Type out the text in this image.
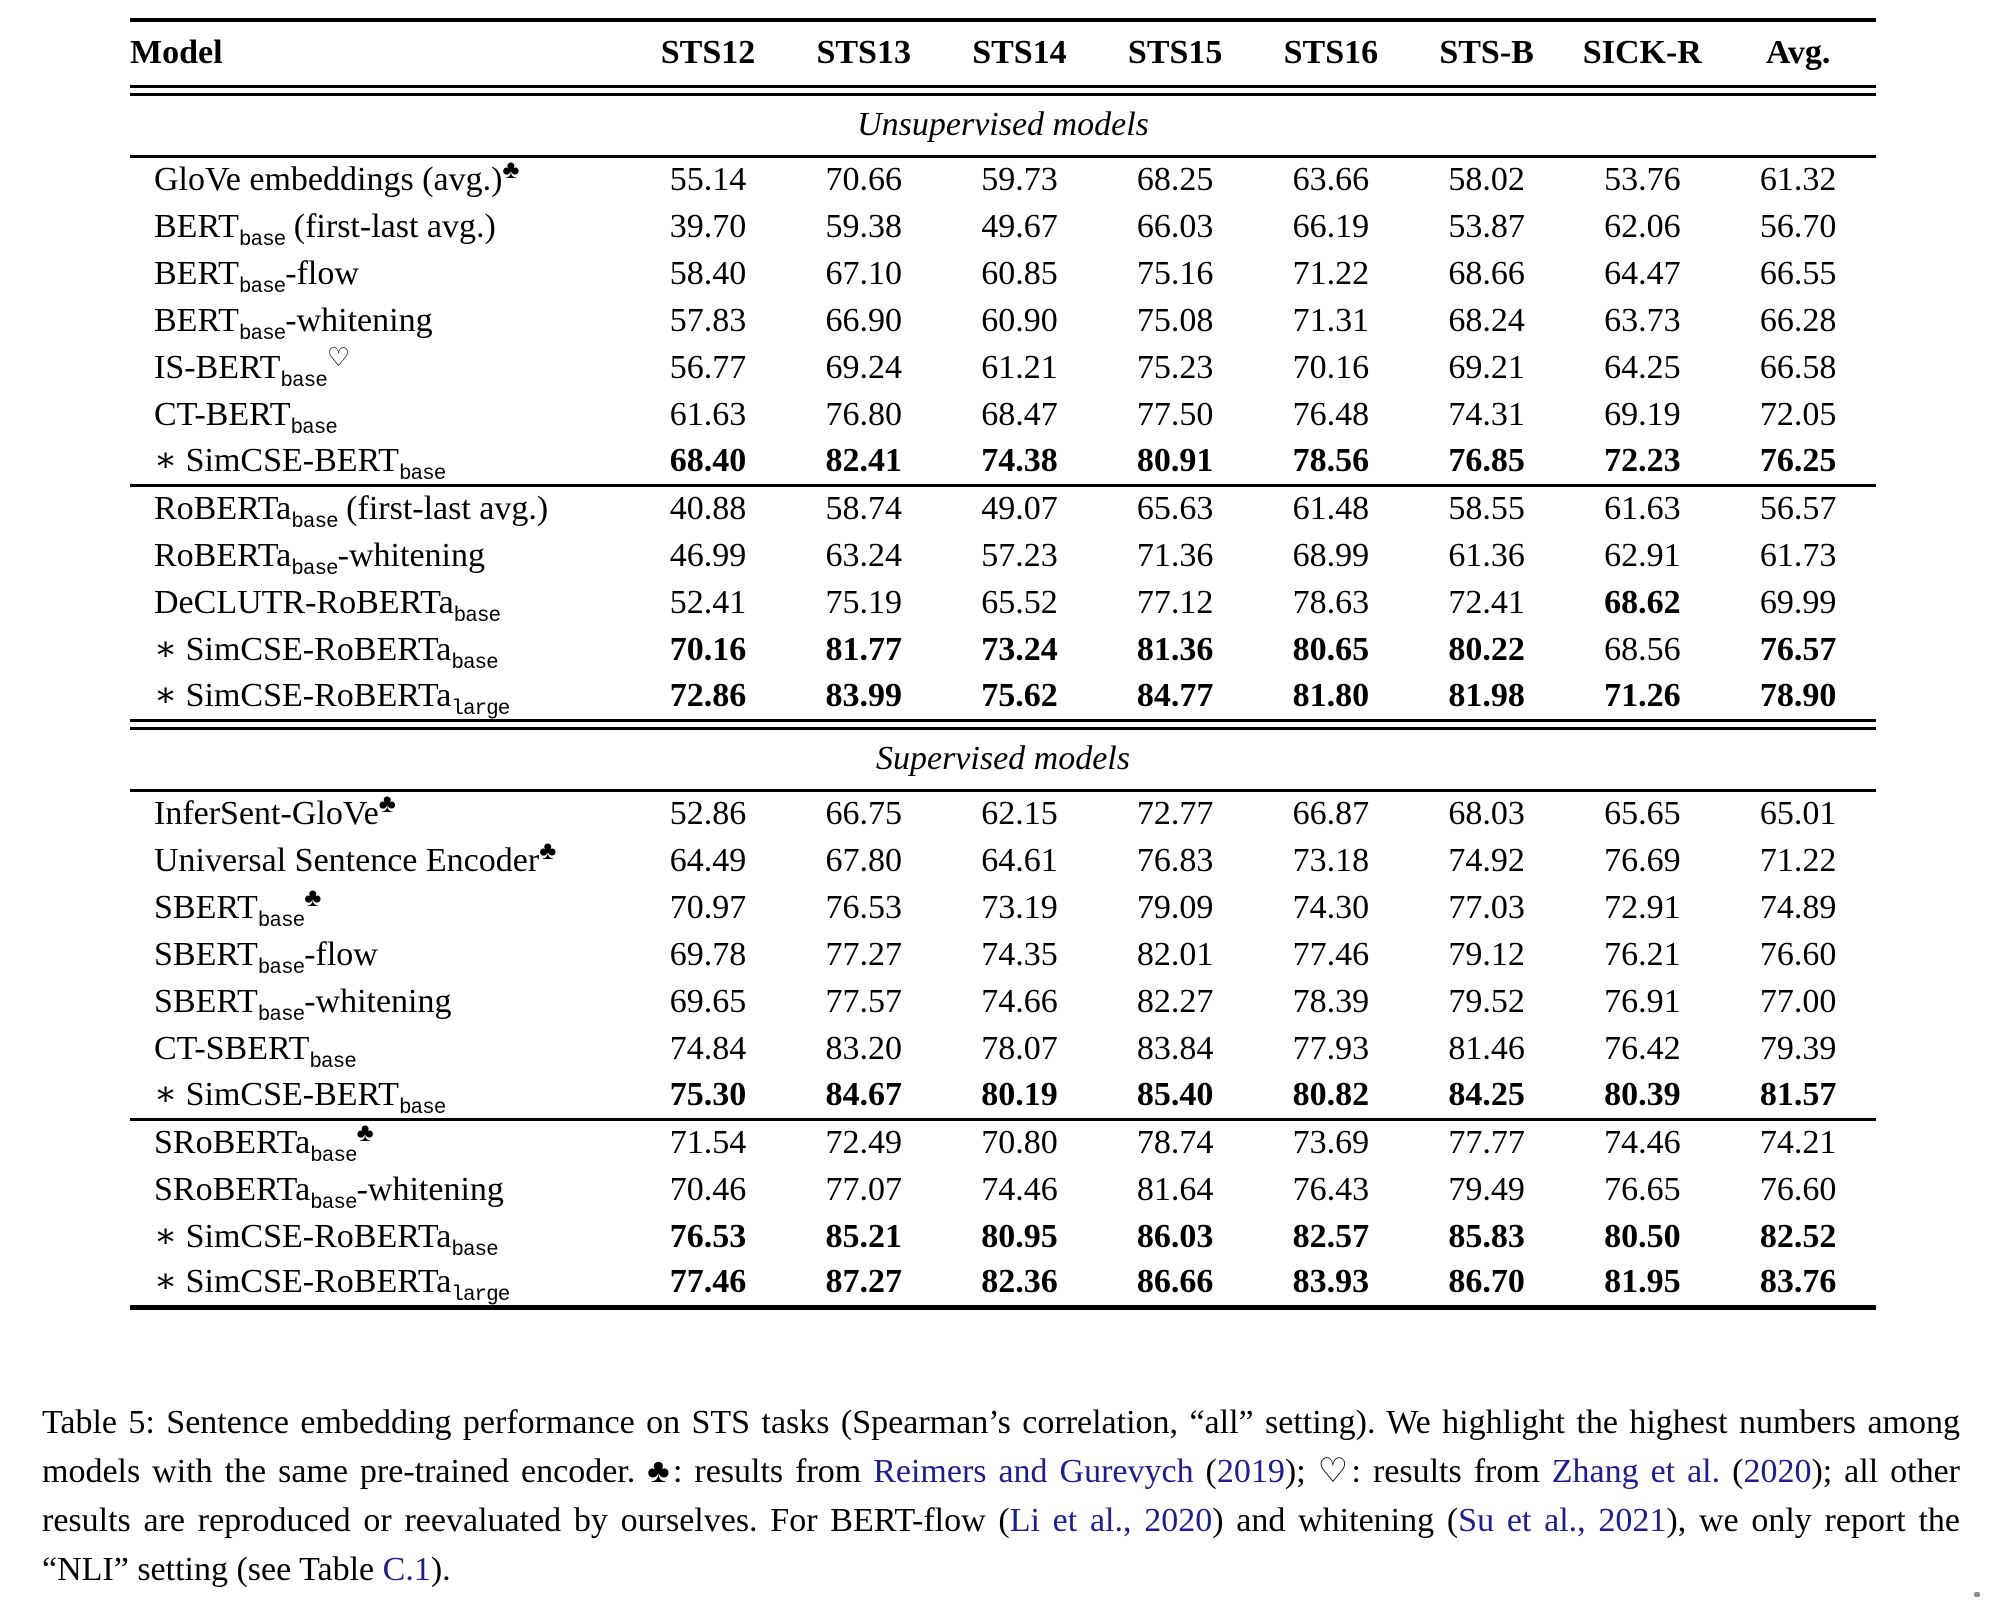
Model	STS12	STS13	STS14	STS15	STS16	STS-B	SICK-R	Avg.

Unsupervised models								
GloVe embeddings (avg.)♣	55.14	70.66	59.73	68.25	63.66	58.02	53.76	61.32
$BERT_{base}$ (first-last avg.)	39.70	59.38	49.67	66.03	66.19	53.87	62.06	56.70
$BERT_{base}$-flow	58.40	67.10	60.85	75.16	71.22	68.66	64.47	66.55
$BERT_{base}$-whitening	57.83	66.90	60.90	75.08	71.31	68.24	63.73	66.28
$IS-BERT_{base}^♡$	56.77	69.24	61.21	75.23	70.16	69.21	64.25	66.58
$CT-BERT_{base}$	61.63	76.80	68.47	77.50	76.48	74.31	69.19	72.05
∗ SimCSE-$BERT_{base}$	68.40	82.41	74.38	80.91	78.56	76.85	72.23	76.25
RoBERTa$_{base}$ (first-last avg.)	40.88	58.74	49.07	65.63	61.48	58.55	61.63	56.57
RoBERTa$_{base}$-whitening	46.99	63.24	57.23	71.36	68.99	61.36	62.91	61.73
DeCLUTR-RoBERTa$_{base}$	52.41	75.19	65.52	77.12	78.63	72.41	68.62	69.99
∗ SimCSE-RoBERTa$_{base}$	70.16	81.77	73.24	81.36	80.65	80.22	68.56	76.57
∗ SimCSE-RoBERTa$_{large}$	72.86	83.99	75.62	84.77	81.80	81.98	71.26	78.90

Supervised models								
InferSent-GloVe♣	52.86	66.75	62.15	72.77	66.87	68.03	65.65	65.01
Universal Sentence Encoder♣	64.49	67.80	64.61	76.83	73.18	74.92	76.69	71.22
$SBERT_{base}^♣$	70.97	76.53	73.19	79.09	74.30	77.03	72.91	74.89
$SBERT_{base}$-flow	69.78	77.27	74.35	82.01	77.46	79.12	76.21	76.60
$SBERT_{base}$-whitening	69.65	77.57	74.66	82.27	78.39	79.52	76.91	77.00
$CT-SBERT_{base}$	74.84	83.20	78.07	83.84	77.93	81.46	76.42	79.39
∗ SimCSE-$BERT_{base}$	75.30	84.67	80.19	85.40	80.82	84.25	80.39	81.57
SRoBERTa$_{base}$♣	71.54	72.49	70.80	78.74	73.69	77.77	74.46	74.21
SRoBERTa$_{base}$-whitening	70.46	77.07	74.46	81.64	76.43	79.49	76.65	76.60
∗ SimCSE-RoBERTa$_{base}$	76.53	85.21	80.95	86.03	82.57	85.83	80.50	82.52
∗ SimCSE-RoBERTa$_{large}$	77.46	87.27	82.36	86.66	83.93	86.70	81.95	83.76
Table 5: Sentence embedding performance on STS tasks (Spearman’s correlation, “all” setting). We highlight the highest numbers among models with the same pre-trained encoder. ♣: results from Reimers and Gurevych (2019); ♡: results from Zhang et al. (2020); all other results are reproduced or reevaluated by ourselves. For BERT-flow (Li et al., 2020) and whitening (Su et al., 2021), we only report the “NLI” setting (see Table C.1).
